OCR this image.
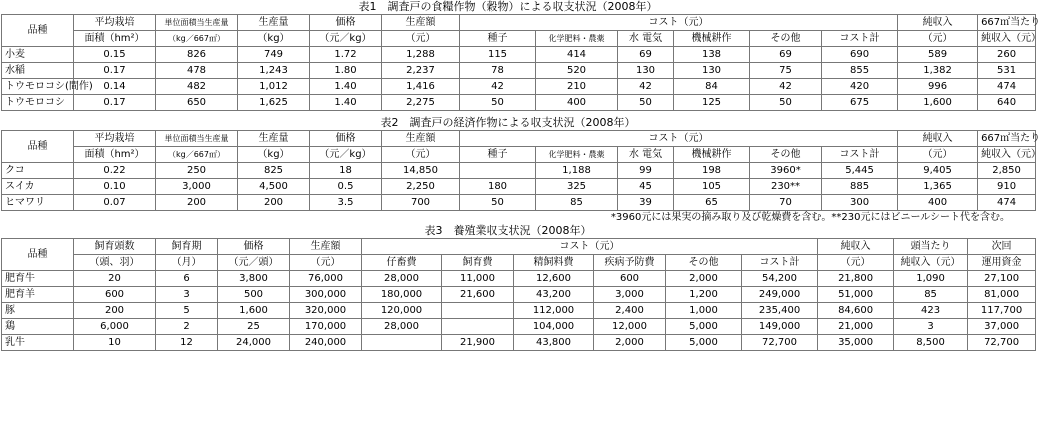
表1　調査戸の食糧作物（穀物）による収支状況（2008年）
品種	平均栽培	単位面積当生産量	生産量	価格	生産額	コスト（元）						純収入	667㎡当たり
	面積（hm²）	（kg／667㎡）	（kg）	（元／kg）	（元）	種子	化学肥料・農薬	水 電気	機械耕作	その他	コスト計	（元）	純収入（元）
小麦	0.15	826	749	1.72	1,288	115	414	69	138	69	690	589	260
水稲	0.17	478	1,243	1.80	2,237	78	520	130	130	75	855	1,382	531
トウモロコシ(間作)	0.14	482	1,012	1.40	1,416	42	210	42	84	42	420	996	474
トウモロコシ	0.17	650	1,625	1.40	2,275	50	400	50	125	50	675	1,600	640
表2　調査戸の経済作物による収支状況（2008年）
品種	平均栽培	単位面積当生産量	生産量	価格	生産額	コスト（元）						純収入	667㎡当たり
	面積（hm²）	（kg／667㎡）	（kg）	（元／kg）	（元）	種子	化学肥料・農薬	水 電気	機械耕作	その他	コスト計	（元）	純収入（元）
クコ	0.22	250	825	18	14,850		1,188	99	198	3960*	5,445	9,405	2,850
スイカ	0.10	3,000	4,500	0.5	2,250	180	325	45	105	230**	885	1,365	910
ヒマワリ	0.07	200	200	3.5	700	50	85	39	65	70	300	400	474
*3960元には果実の摘み取り及び乾燥費を含む。**230元にはビニールシート代を含む。
表3　養殖業収支状況（2008年）
品種	飼育頭数	飼育期	価格	生産額	コスト（元）						純収入	頭当たり	次回
	（頭、羽）	（月）	（元／頭）	（元）	仔畜費	飼育費	精飼料費	疾病予防費	その他	コスト計	（元）	純収入（元）	運用資金
肥育牛	20	6	3,800	76,000	28,000	11,000	12,600	600	2,000	54,200	21,800	1,090	27,100
肥育羊	600	3	500	300,000	180,000	21,600	43,200	3,000	1,200	249,000	51,000	85	81,000
豚	200	5	1,600	320,000	120,000		112,000	2,400	1,000	235,400	84,600	423	117,700
鶏	6,000	2	25	170,000	28,000		104,000	12,000	5,000	149,000	21,000	3	37,000
乳牛	10	12	24,000	240,000		21,900	43,800	2,000	5,000	72,700	35,000	8,500	72,700
